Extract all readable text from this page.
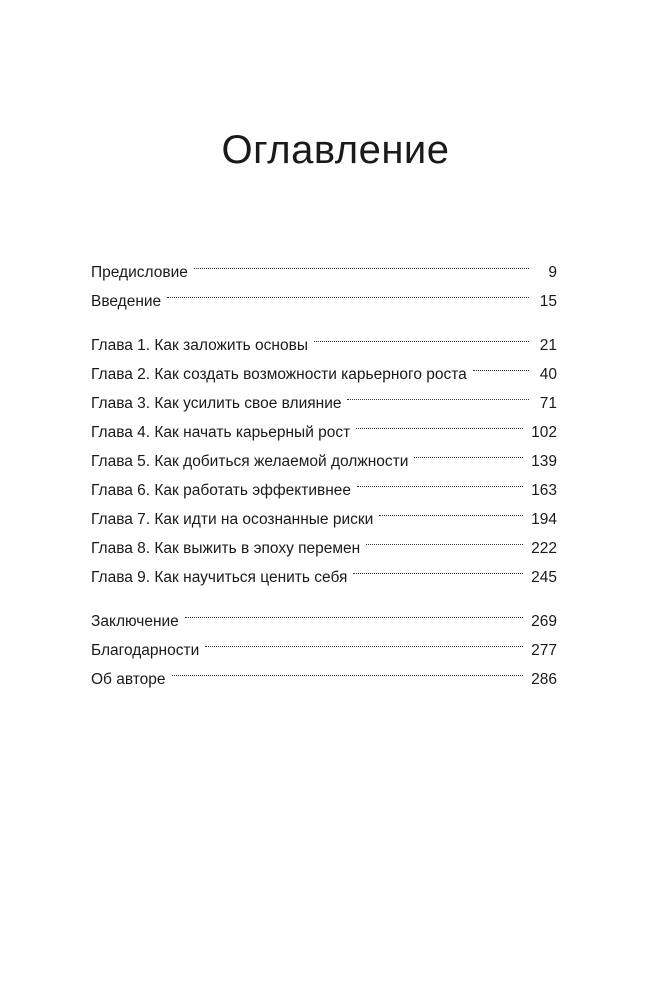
Оглавление
Предисловие	9
Введение	15
Глава 1. Как заложить основы	21
Глава 2. Как создать возможности карьерного роста	40
Глава 3. Как усилить свое влияние	71
Глава 4. Как начать карьерный рост	102
Глава 5. Как добиться желаемой должности	139
Глава 6. Как работать эффективнее	163
Глава 7. Как идти на осознанные риски	194
Глава 8. Как выжить в эпоху перемен	222
Глава 9. Как научиться ценить себя	245
Заключение	269
Благодарности	277
Об авторе	286
